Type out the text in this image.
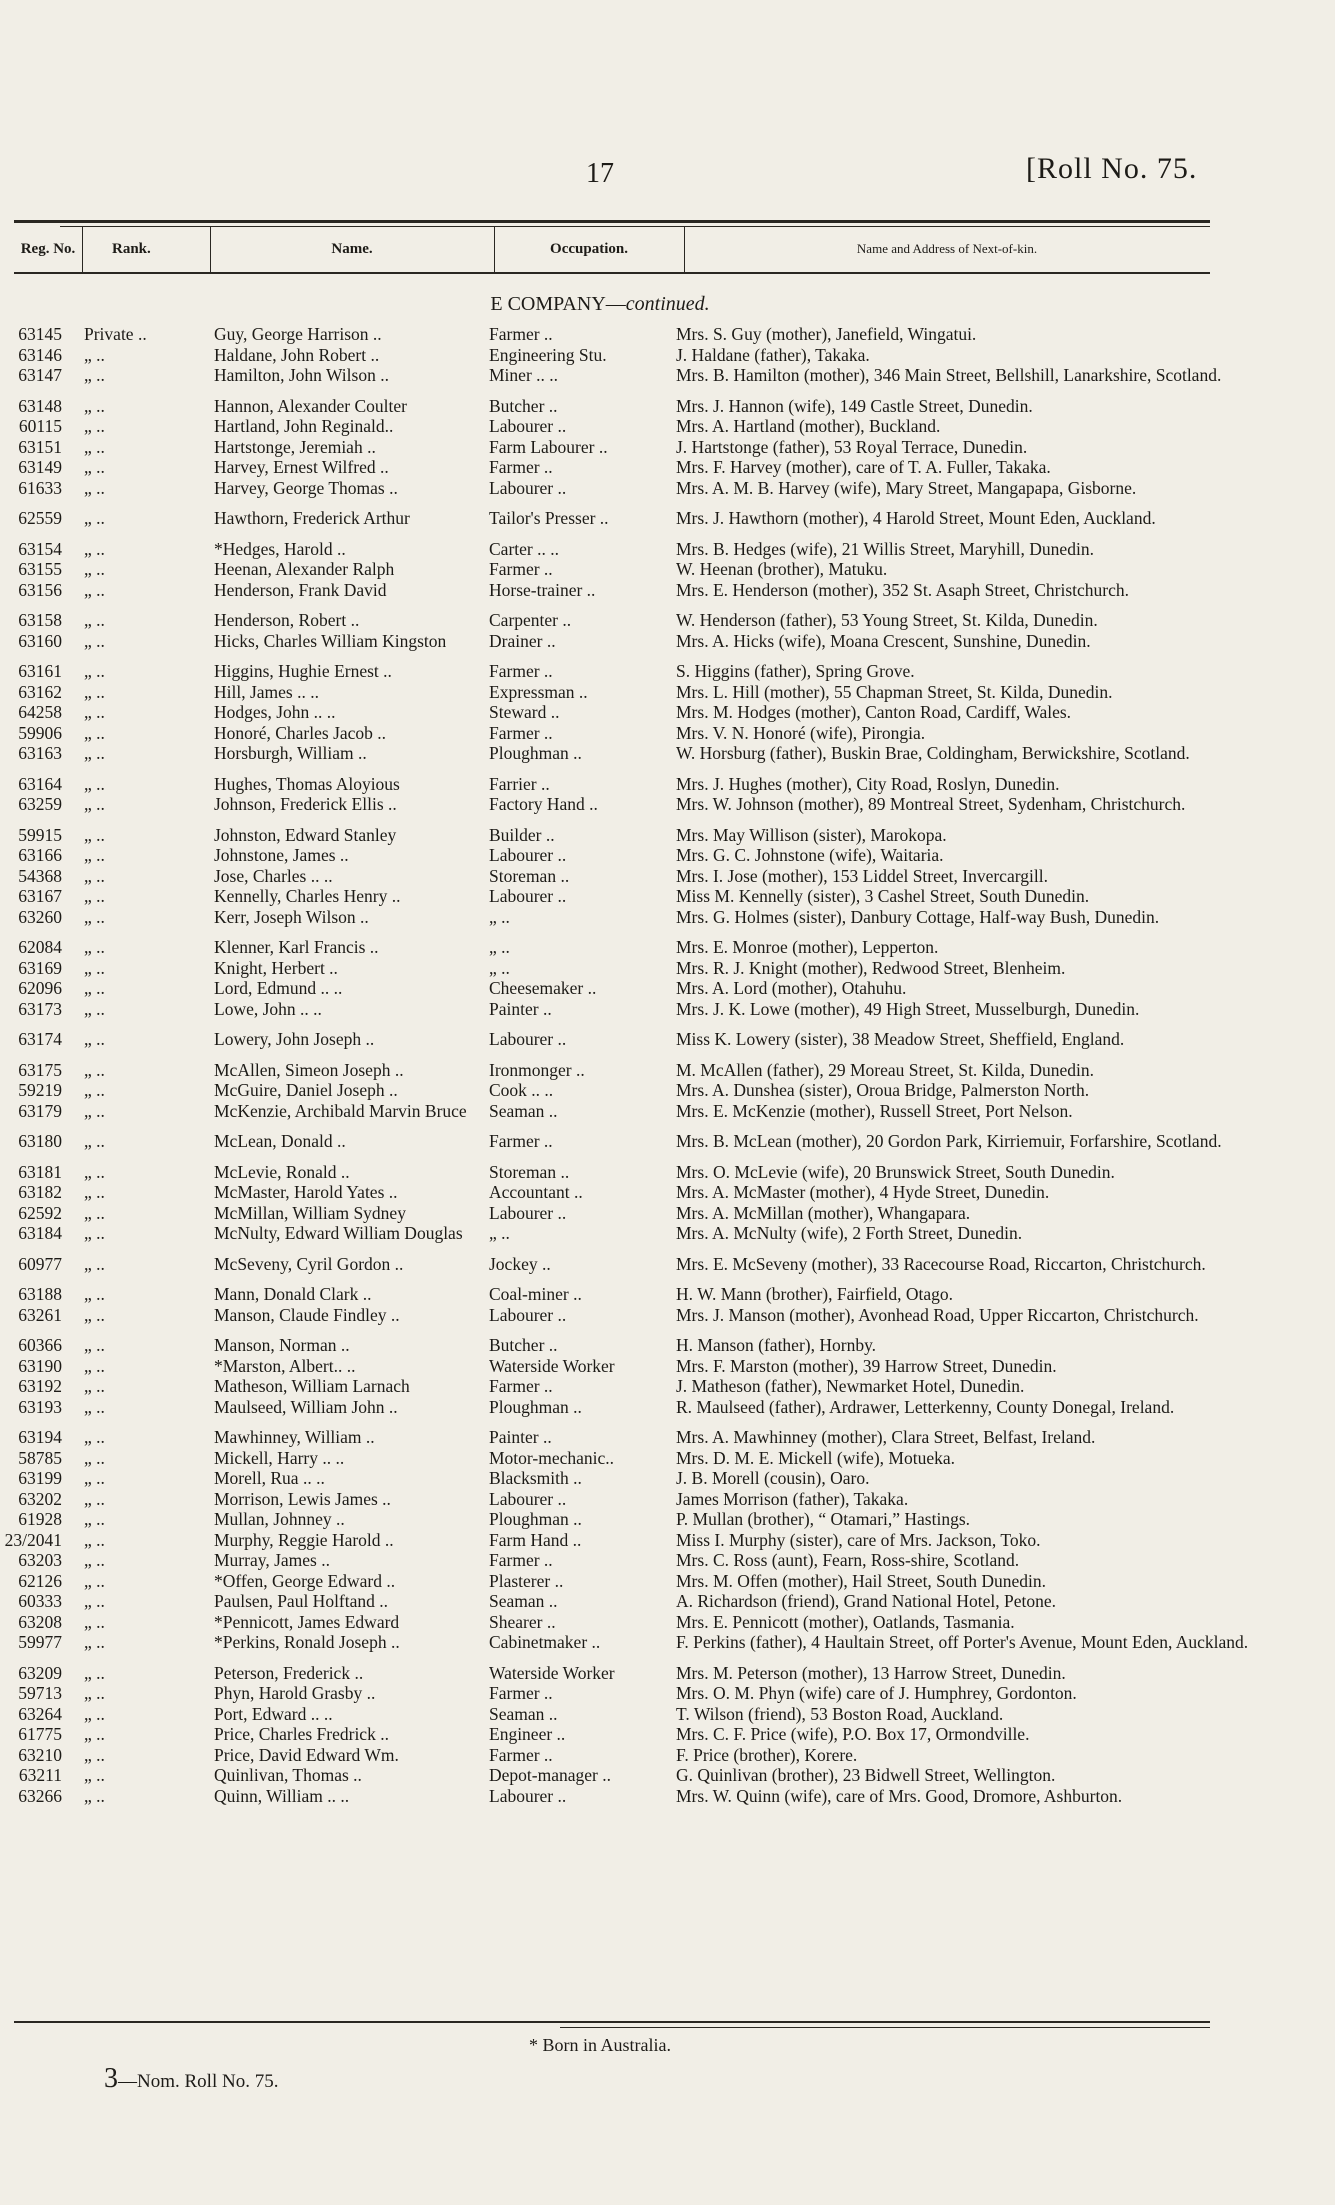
17	[Roll No. 75.
Reg. No.	Rank.	Name.	Occupation.	Name and Address of Next-of-kin.
E COMPANY—continued.
63145 Private ..	Guy, George Harrison ..	Farmer ..	Mrs. S. Guy (mother), Janefield, Wingatui.
63146 „ ..	Haldane, John Robert ..	Engineering Stu.	J. Haldane (father), Takaka.
63147 „ ..	Hamilton, John Wilson ..	Miner .. ..	Mrs. B. Hamilton (mother), 346 Main Street, Bellshill, Lanarkshire, Scotland.
63148 „ ..	Hannon, Alexander Coulter	Butcher ..	Mrs. J. Hannon (wife), 149 Castle Street, Dunedin.
60115 „ ..	Hartland, John Reginald..	Labourer ..	Mrs. A. Hartland (mother), Buckland.
63151 „ ..	Hartstonge, Jeremiah ..	Farm Labourer ..	J. Hartstonge (father), 53 Royal Terrace, Dunedin.
63149 „ ..	Harvey, Ernest Wilfred ..	Farmer ..	Mrs. F. Harvey (mother), care of T. A. Fuller, Takaka.
61633 „ ..	Harvey, George Thomas ..	Labourer ..	Mrs. A. M. B. Harvey (wife), Mary Street, Mangapapa, Gisborne.
62559 „ ..	Hawthorn, Frederick Arthur	Tailor's Presser ..	Mrs. J. Hawthorn (mother), 4 Harold Street, Mount Eden, Auckland.
63154 „ ..	*Hedges, Harold ..	Carter .. ..	Mrs. B. Hedges (wife), 21 Willis Street, Maryhill, Dunedin.
63155 „ ..	Heenan, Alexander Ralph	Farmer ..	W. Heenan (brother), Matuku.
63156 „ ..	Henderson, Frank David	Horse-trainer ..	Mrs. E. Henderson (mother), 352 St. Asaph Street, Christchurch.
63158 „ ..	Henderson, Robert ..	Carpenter ..	W. Henderson (father), 53 Young Street, St. Kilda, Dunedin.
63160 „ ..	Hicks, Charles William Kingston	Drainer ..	Mrs. A. Hicks (wife), Moana Crescent, Sunshine, Dunedin.
63161 „ ..	Higgins, Hughie Ernest ..	Farmer ..	S. Higgins (father), Spring Grove.
63162 „ ..	Hill, James .. ..	Expressman ..	Mrs. L. Hill (mother), 55 Chapman Street, St. Kilda, Dunedin.
64258 „ ..	Hodges, John .. ..	Steward ..	Mrs. M. Hodges (mother), Canton Road, Cardiff, Wales.
59906 „ ..	Honoré, Charles Jacob ..	Farmer ..	Mrs. V. N. Honoré (wife), Pirongia.
63163 „ ..	Horsburgh, William ..	Ploughman ..	W. Horsburg (father), Buskin Brae, Coldingham, Berwickshire, Scotland.
63164 „ ..	Hughes, Thomas Aloyious	Farrier ..	Mrs. J. Hughes (mother), City Road, Roslyn, Dunedin.
63259 „ ..	Johnson, Frederick Ellis ..	Factory Hand ..	Mrs. W. Johnson (mother), 89 Montreal Street, Sydenham, Christchurch.
59915 „ ..	Johnston, Edward Stanley	Builder ..	Mrs. May Willison (sister), Marokopa.
63166 „ ..	Johnstone, James ..	Labourer ..	Mrs. G. C. Johnstone (wife), Waitaria.
54368 „ ..	Jose, Charles .. ..	Storeman ..	Mrs. I. Jose (mother), 153 Liddel Street, Invercargill.
63167 „ ..	Kennelly, Charles Henry ..	Labourer ..	Miss M. Kennelly (sister), 3 Cashel Street, South Dunedin.
63260 „ ..	Kerr, Joseph Wilson ..	„ ..	Mrs. G. Holmes (sister), Danbury Cottage, Half-way Bush, Dunedin.
62084 „ ..	Klenner, Karl Francis ..	„ ..	Mrs. E. Monroe (mother), Lepperton.
63169 „ ..	Knight, Herbert ..	„ ..	Mrs. R. J. Knight (mother), Redwood Street, Blenheim.
62096 „ ..	Lord, Edmund .. ..	Cheesemaker ..	Mrs. A. Lord (mother), Otahuhu.
63173 „ ..	Lowe, John .. ..	Painter ..	Mrs. J. K. Lowe (mother), 49 High Street, Musselburgh, Dunedin.
63174 „ ..	Lowery, John Joseph ..	Labourer ..	Miss K. Lowery (sister), 38 Meadow Street, Sheffield, England.
63175 „ ..	McAllen, Simeon Joseph ..	Ironmonger ..	M. McAllen (father), 29 Moreau Street, St. Kilda, Dunedin.
59219 „ ..	McGuire, Daniel Joseph ..	Cook .. ..	Mrs. A. Dunshea (sister), Oroua Bridge, Palmerston North.
63179 „ ..	McKenzie, Archibald Marvin Bruce	Seaman ..	Mrs. E. McKenzie (mother), Russell Street, Port Nelson.
63180 „ ..	McLean, Donald ..	Farmer ..	Mrs. B. McLean (mother), 20 Gordon Park, Kirriemuir, Forfarshire, Scotland.
63181 „ ..	McLevie, Ronald ..	Storeman ..	Mrs. O. McLevie (wife), 20 Brunswick Street, South Dunedin.
63182 „ ..	McMaster, Harold Yates ..	Accountant ..	Mrs. A. McMaster (mother), 4 Hyde Street, Dunedin.
62592 „ ..	McMillan, William Sydney	Labourer ..	Mrs. A. McMillan (mother), Whangapara.
63184 „ ..	McNulty, Edward William Douglas	„ ..	Mrs. A. McNulty (wife), 2 Forth Street, Dunedin.
60977 „ ..	McSeveny, Cyril Gordon ..	Jockey ..	Mrs. E. McSeveny (mother), 33 Racecourse Road, Riccarton, Christchurch.
63188 „ ..	Mann, Donald Clark ..	Coal-miner ..	H. W. Mann (brother), Fairfield, Otago.
63261 „ ..	Manson, Claude Findley ..	Labourer ..	Mrs. J. Manson (mother), Avonhead Road, Upper Riccarton, Christchurch.
60366 „ ..	Manson, Norman ..	Butcher ..	H. Manson (father), Hornby.
63190 „ ..	*Marston, Albert.. ..	Waterside Worker	Mrs. F. Marston (mother), 39 Harrow Street, Dunedin.
63192 „ ..	Matheson, William Larnach	Farmer ..	J. Matheson (father), Newmarket Hotel, Dunedin.
63193 „ ..	Maulseed, William John ..	Ploughman ..	R. Maulseed (father), Ardrawer, Letterkenny, County Donegal, Ireland.
63194 „ ..	Mawhinney, William ..	Painter ..	Mrs. A. Mawhinney (mother), Clara Street, Belfast, Ireland.
58785 „ ..	Mickell, Harry .. ..	Motor-mechanic..	Mrs. D. M. E. Mickell (wife), Motueka.
63199 „ ..	Morell, Rua .. ..	Blacksmith ..	J. B. Morell (cousin), Oaro.
63202 „ ..	Morrison, Lewis James ..	Labourer ..	James Morrison (father), Takaka.
61928 „ ..	Mullan, Johnney ..	Ploughman ..	P. Mullan (brother), “ Otamari,” Hastings.
23/2041 „ ..	Murphy, Reggie Harold ..	Farm Hand ..	Miss I. Murphy (sister), care of Mrs. Jackson, Toko.
63203 „ ..	Murray, James ..	Farmer ..	Mrs. C. Ross (aunt), Fearn, Ross-shire, Scotland.
62126 „ ..	*Offen, George Edward ..	Plasterer ..	Mrs. M. Offen (mother), Hail Street, South Dunedin.
60333 „ ..	Paulsen, Paul Holftand ..	Seaman ..	A. Richardson (friend), Grand National Hotel, Petone.
63208 „ ..	*Pennicott, James Edward	Shearer ..	Mrs. E. Pennicott (mother), Oatlands, Tasmania.
59977 „ ..	*Perkins, Ronald Joseph ..	Cabinetmaker ..	F. Perkins (father), 4 Haultain Street, off Porter's Avenue, Mount Eden, Auckland.
63209 „ ..	Peterson, Frederick ..	Waterside Worker	Mrs. M. Peterson (mother), 13 Harrow Street, Dunedin.
59713 „ ..	Phyn, Harold Grasby ..	Farmer ..	Mrs. O. M. Phyn (wife) care of J. Humphrey, Gordonton.
63264 „ ..	Port, Edward .. ..	Seaman ..	T. Wilson (friend), 53 Boston Road, Auckland.
61775 „ ..	Price, Charles Fredrick ..	Engineer ..	Mrs. C. F. Price (wife), P.O. Box 17, Ormondville.
63210 „ ..	Price, David Edward Wm.	Farmer ..	F. Price (brother), Korere.
63211 „ ..	Quinlivan, Thomas ..	Depot-manager ..	G. Quinlivan (brother), 23 Bidwell Street, Wellington.
63266 „ ..	Quinn, William .. ..	Labourer ..	Mrs. W. Quinn (wife), care of Mrs. Good, Dromore, Ashburton.
* Born in Australia.
3—Nom. Roll No. 75.
